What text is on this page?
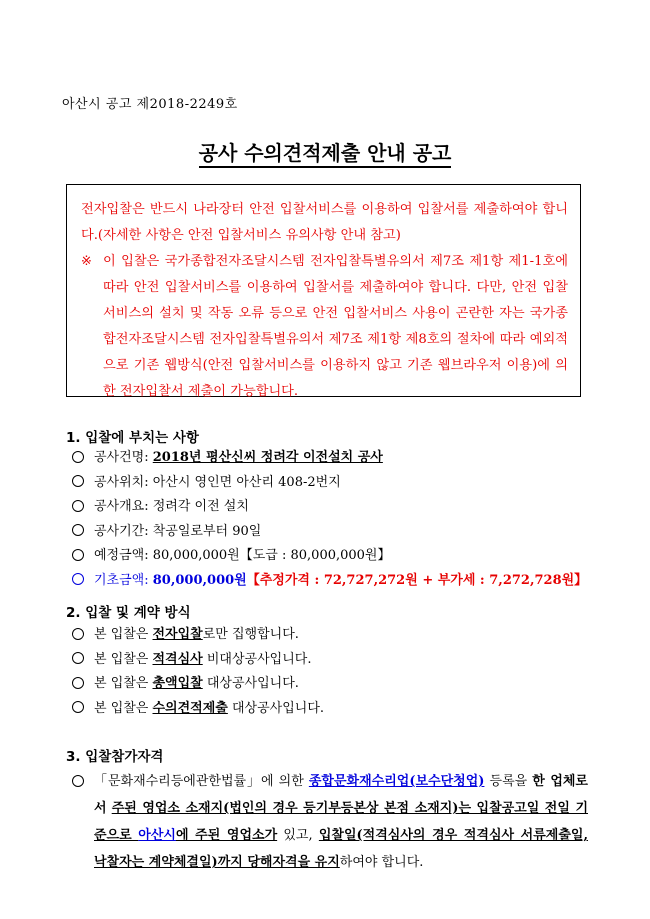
아산시 공고 제2018-2249호
공사 수의견적제출 안내 공고

전자입찰은 반드시 나라장터 안전 입찰서비스를 이용하여 입찰서를 제출하여야 합니다.(자세한 사항은 안전 입찰서비스 유의사항 안내 참고)

※ 이 입찰은 국가종합전자조달시스템 전자입찰특별유의서 제7조 제1항 제1-1호에 따라 안전 입찰서비스를 이용하여 입찰서를 제출하여야 합니다. 다만, 안전 입찰서비스의 설치 및 작동 오류 등으로 안전 입찰서비스 사용이 곤란한 자는 국가종합전자조달시스템 전자입찰특별유의서 제7조 제1항 제8호의 절차에 따라 예외적으로 기존 웹방식(안전 입찰서비스를 이용하지 않고 기존 웹브라우저 이용)에 의한 전자입찰서 제출이 가능합니다.
1. 입찰에 부치는 사항
공사건명: 2018년 평산신씨 정려각 이전설치 공사
공사위치: 아산시 영인면 아산리 408-2번지
공사개요: 정려각 이전 설치
공사기간: 착공일로부터 90일
예정금액: 80,000,000원【도급 : 80,000,000원】
기초금액: 80,000,000원【추정가격 : 72,727,272원 + 부가세 : 7,272,728원】
2. 입찰 및 계약 방식
본 입찰은 전자입찰로만 집행합니다.
본 입찰은 적격심사 비대상공사입니다.
본 입찰은 총액입찰 대상공사입니다.
본 입찰은 수의견적제출 대상공사입니다.
3. 입찰참가자격
「문화재수리등에관한법률」에 의한 종합문화재수리업(보수단청업) 등록을 한 업체로서 주된 영업소 소재지(법인의 경우 등기부등본상 본점 소재지)는 입찰공고일 전일 기준으로 아산시에 주된 영업소가 있고, 입찰일(적격심사의 경우 적격심사 서류제출일, 낙찰자는 계약체결일)까지 당해자격을 유지하여야 합니다.
